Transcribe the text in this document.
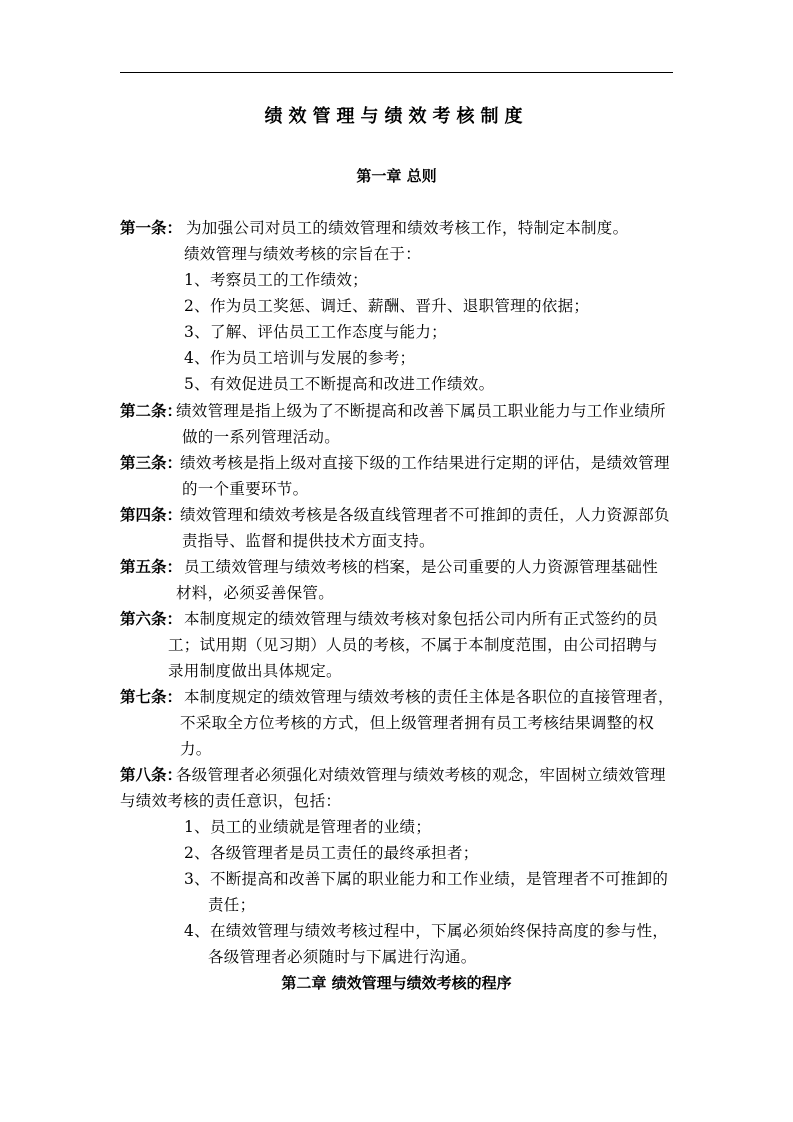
绩效管理与绩效考核制度
第一章 总则
第一条： 为加强公司对员工的绩效管理和绩效考核工作，特制定本制度。
绩效管理与绩效考核的宗旨在于：
1、考察员工的工作绩效；
2、作为员工奖惩、调迁、薪酬、晋升、退职管理的依据；
3、了解、评估员工工作态度与能力；
4、作为员工培训与发展的参考；
5、有效促进员工不断提高和改进工作绩效。
第二条：
绩效管理是指上级为了不断提高和改善下属员工职业能力与工作业绩所
做的一系列管理活动。
第三条：
绩效考核是指上级对直接下级的工作结果进行定期的评估，是绩效管理
的一个重要环节。
第四条：
绩效管理和绩效考核是各级直线管理者不可推卸的责任，人力资源部负
责指导、监督和提供技术方面支持。
第五条： 员工绩效管理与绩效考核的档案，是公司重要的人力资源管理基础性
材料，必须妥善保管。
第六条： 本制度规定的绩效管理与绩效考核对象包括公司内所有正式签约的员
工；试用期（见习期）人员的考核，不属于本制度范围，由公司招聘与
录用制度做出具体规定。
第七条： 本制度规定的绩效管理与绩效考核的责任主体是各职位的直接管理者，
不采取全方位考核的方式，但上级管理者拥有员工考核结果调整的权
力。
第八条：
各级管理者必须强化对绩效管理与绩效考核的观念，牢固树立绩效管理
与绩效考核的责任意识，包括：
1、员工的业绩就是管理者的业绩；
2、各级管理者是员工责任的最终承担者；
3、不断提高和改善下属的职业能力和工作业绩，是管理者不可推卸的
责任；
4、在绩效管理与绩效考核过程中，下属必须始终保持高度的参与性，
各级管理者必须随时与下属进行沟通。
第二章 绩效管理与绩效考核的程序
